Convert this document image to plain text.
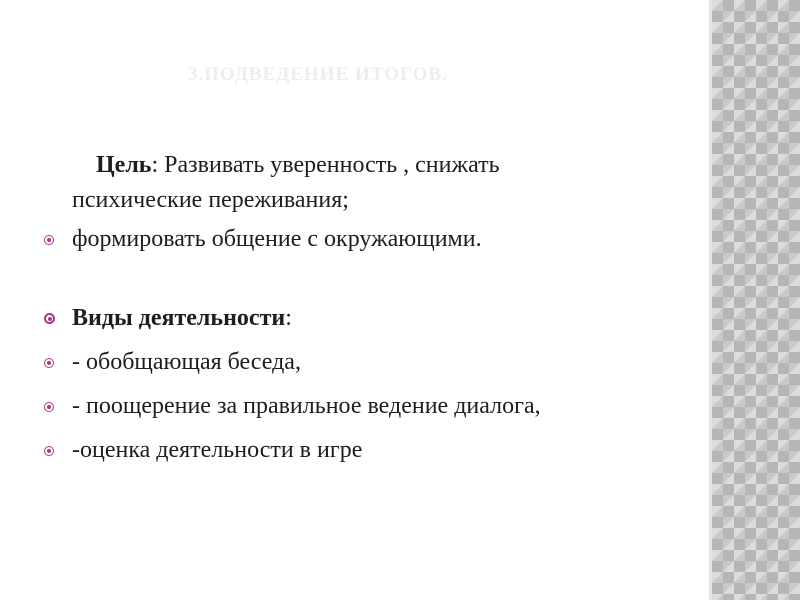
3.ПОДВЕДЕНИЕ ИТОГОВ.
Цель: Развивать уверенность , снижать психические переживания;
формировать общение с окружающими.
Виды деятельности:
- обобщающая беседа,
- поощерение за правильное ведение диалога,
-оценка деятельности в игре
